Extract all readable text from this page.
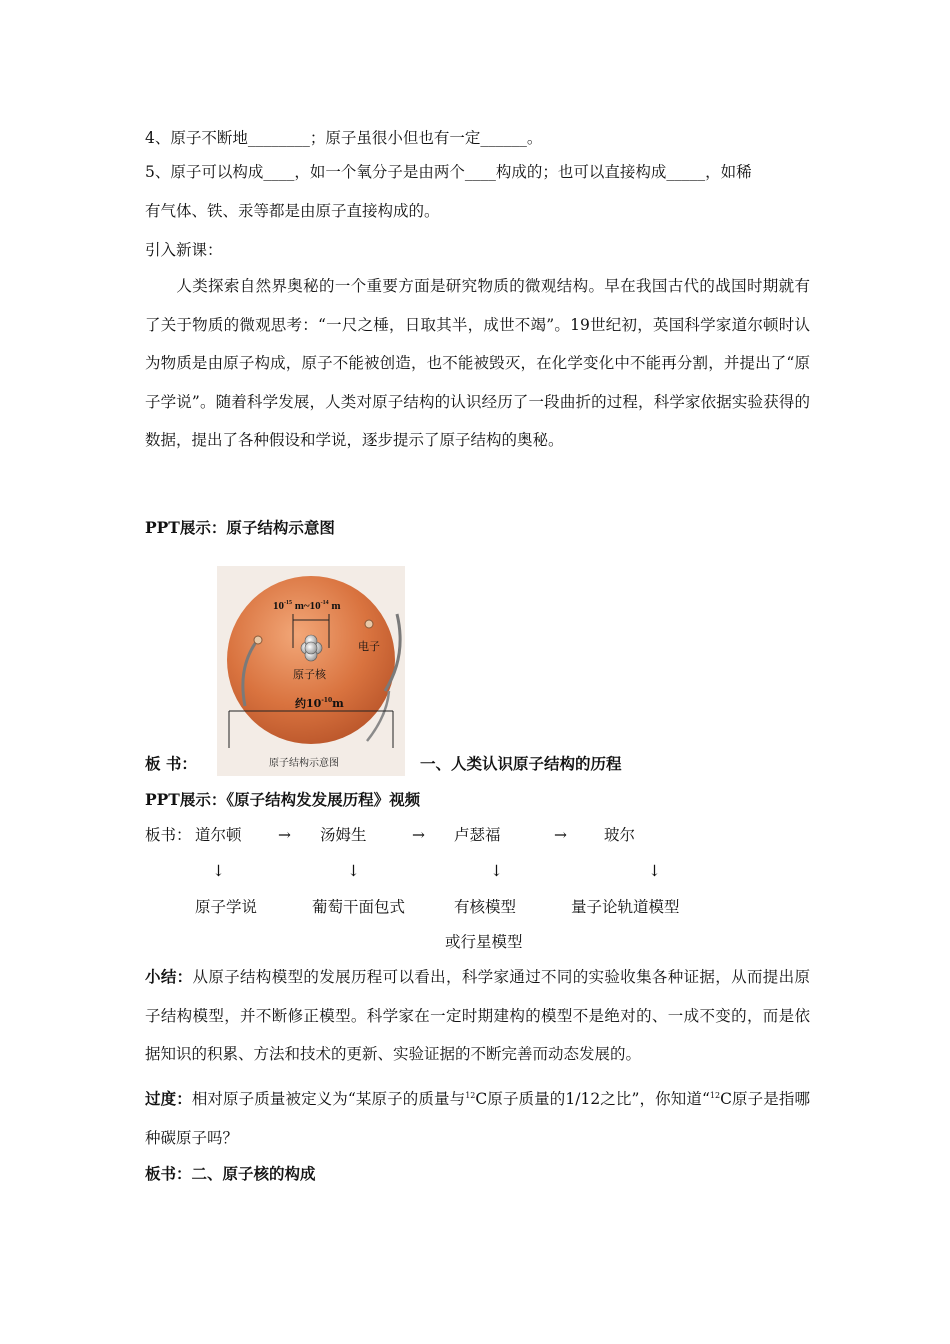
4、原子不断地________；原子虽很小但也有一定______。
5、原子可以构成____，如一个氧分子是由两个____构成的；也可以直接构成_____，如稀
有气体、铁、汞等都是由原子直接构成的。
引入新课：
人类探索自然界奥秘的一个重要方面是研究物质的微观结构。早在我国古代的战国时期就有了关于物质的微观思考：“一尺之棰，日取其半，成世不竭”。19世纪初，英国科学家道尔顿时认为物质是由原子构成，原子不能被创造，也不能被毁灭，在化学变化中不能再分割，并提出了“原子学说”。随着科学发展，人类对原子结构的认识经历了一段曲折的过程，科学家依据实验获得的数据，提出了各种假设和学说，逐步提示了原子结构的奥秘。
PPT展示：原子结构示意图
$10^{-15}$ $m\sim 10^{-14}$ m
原子核
电子
约$10^{-10}m$
原子结构示意图
板 书：	一、人类认识原子结构的历程
PPT展示：《原子结构发发展历程》视频
板书： 道尔顿 → 汤姆生	→ 卢瑟福	→ 玻尔
↓	↓	↓	↓
原子学说	葡萄干面包式	有核模型	量子论轨道模型
或行星模型
小结：从原子结构模型的发展历程可以看出，科学家通过不同的实验收集各种证据，从而提出原子结构模型，并不断修正模型。科学家在一定时期建构的模型不是绝对的、一成不变的，而是依据知识的积累、方法和技术的更新、实验证据的不断完善而动态发展的。
过度：相对原子质量被定义为“某原子的质量与$^{12}$C原子质量的1/12之比”，你知道“$^{12}$C原子是指哪种碳原子吗？
板书：二、原子核的构成
